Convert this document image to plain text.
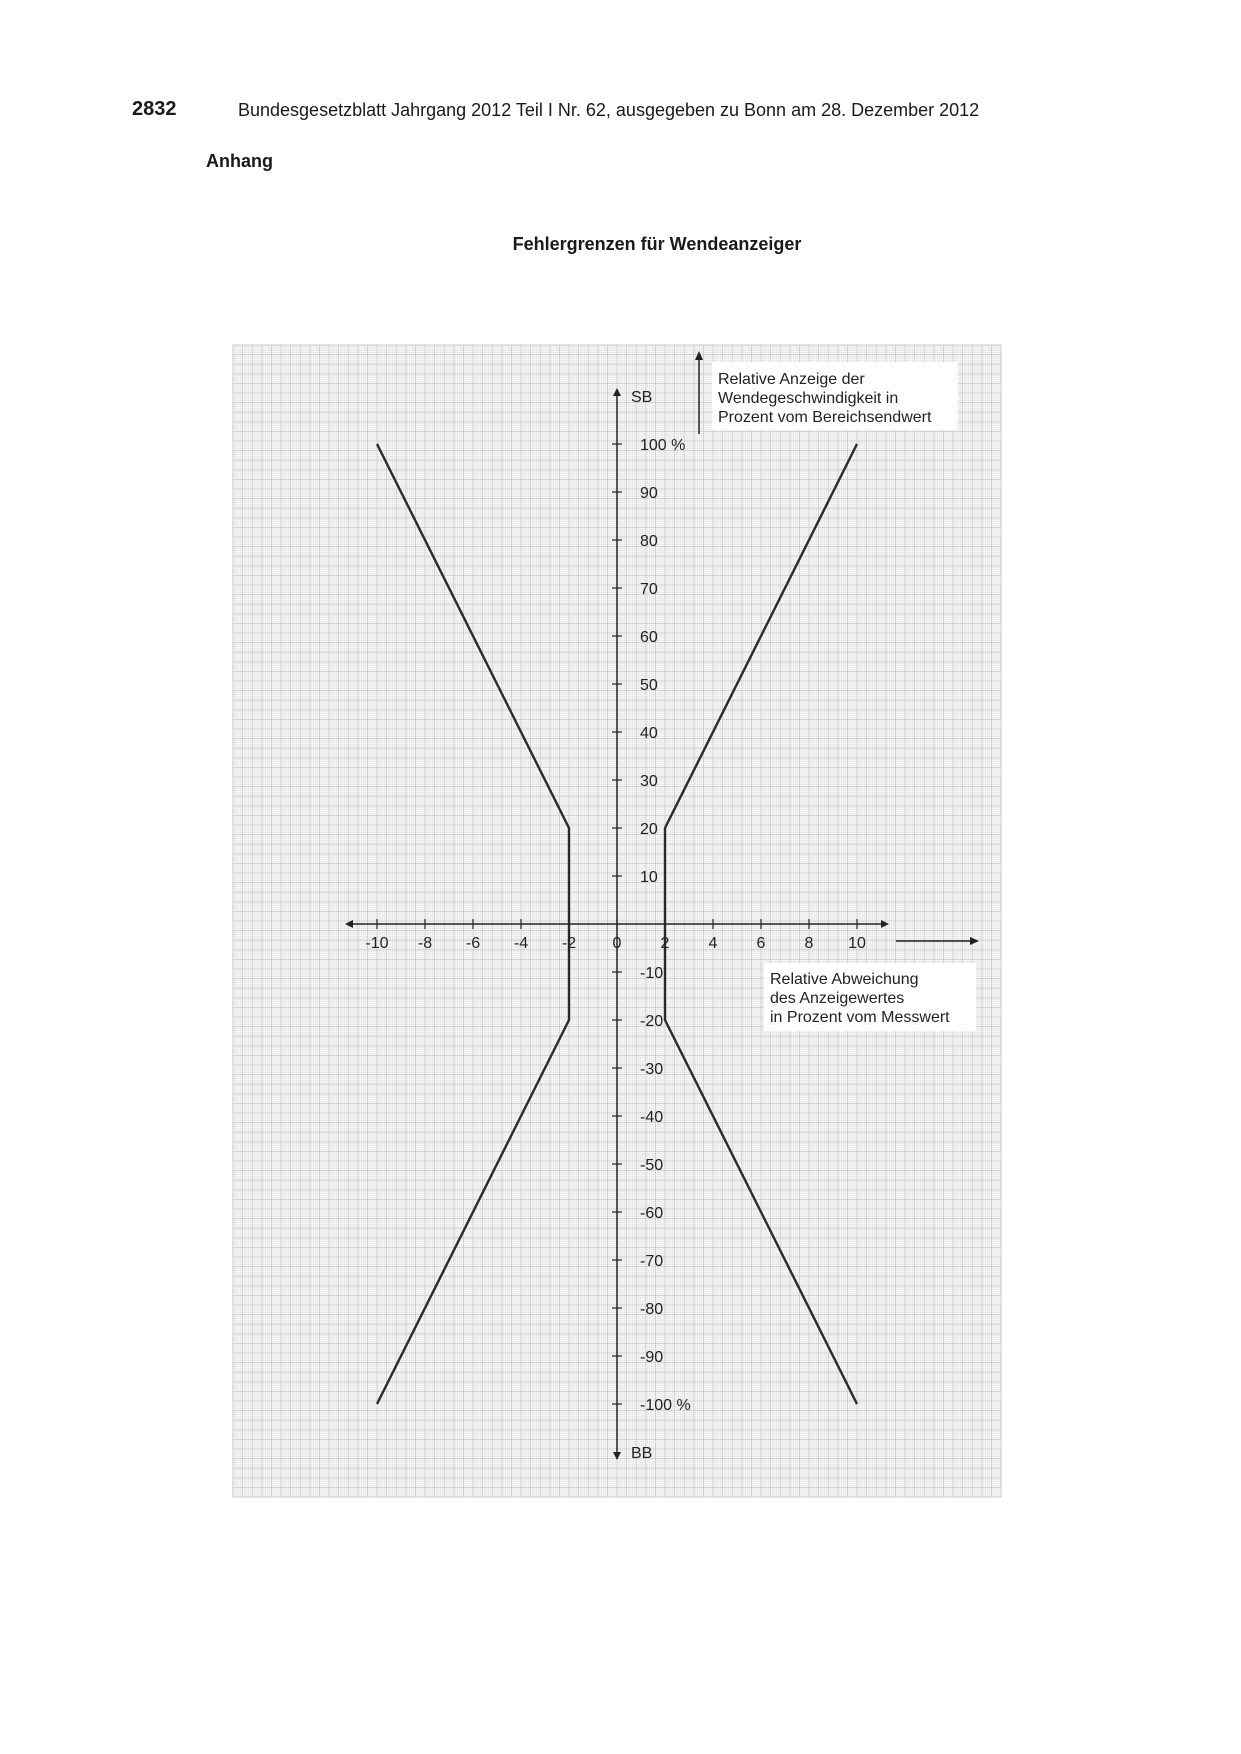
2832	Bundesgesetzblatt Jahrgang 2012 Teil I Nr. 62, ausgegeben zu Bonn am 28. Dezember 2012
Anhang
Fehlergrenzen für Wendeanzeiger
-10 -8 -6 -4 -2 0 2 4 6 8 10
100 %
90
80
70
60
50
40
30
20
10
-10
-20
-30
-40
-50
-60
-70
-80
-90
-100 %
SB
BB
Relative Anzeige der
Wendegeschwindigkeit in
Prozent vom Bereichsendwert
Relative Abweichung
des Anzeigewertes
in Prozent vom Messwert
